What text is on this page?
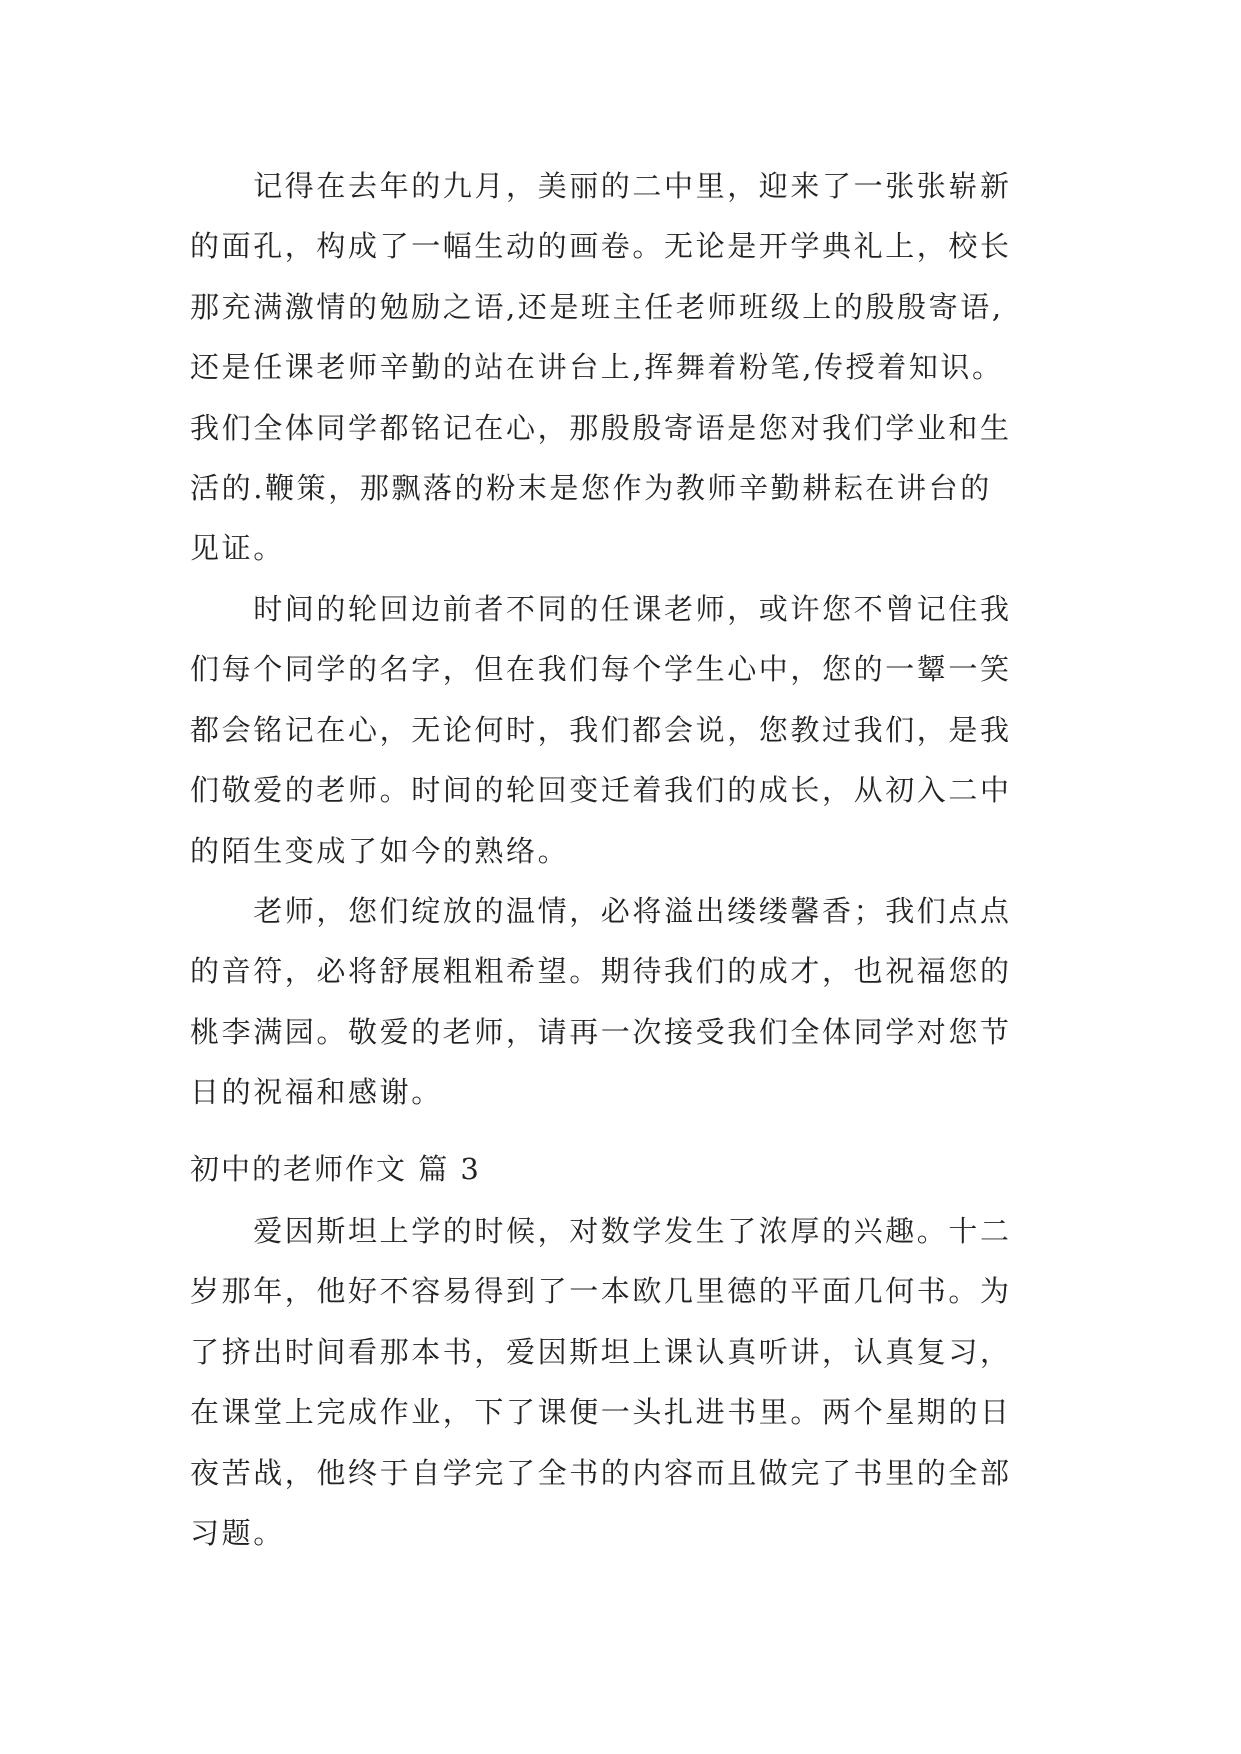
　　记得在去年的九月，美丽的二中里，迎来了一张张崭新
的面孔，构成了一幅生动的画卷。无论是开学典礼上，校长
那充满激情的勉励之语,还是班主任老师班级上的殷殷寄语,
还是任课老师辛勤的站在讲台上,挥舞着粉笔,传授着知识。
我们全体同学都铭记在心，那殷殷寄语是您对我们学业和生
活的.鞭策，那飘落的粉末是您作为教师辛勤耕耘在讲台的
见证。
　　时间的轮回边前者不同的任课老师，或许您不曾记住我
们每个同学的名字，但在我们每个学生心中，您的一颦一笑
都会铭记在心，无论何时，我们都会说，您教过我们，是我
们敬爱的老师。时间的轮回变迁着我们的成长，从初入二中
的陌生变成了如今的熟络。
　　老师，您们绽放的温情，必将溢出缕缕馨香；我们点点
的音符，必将舒展粗粗希望。期待我们的成才，也祝福您的
桃李满园。敬爱的老师，请再一次接受我们全体同学对您节
日的祝福和感谢。
初中的老师作文 篇 3
　　爱因斯坦上学的时候，对数学发生了浓厚的兴趣。十二
岁那年，他好不容易得到了一本欧几里德的平面几何书。为
了挤出时间看那本书，爱因斯坦上课认真听讲，认真复习，
在课堂上完成作业，下了课便一头扎进书里。两个星期的日
夜苦战，他终于自学完了全书的内容而且做完了书里的全部
习题。
